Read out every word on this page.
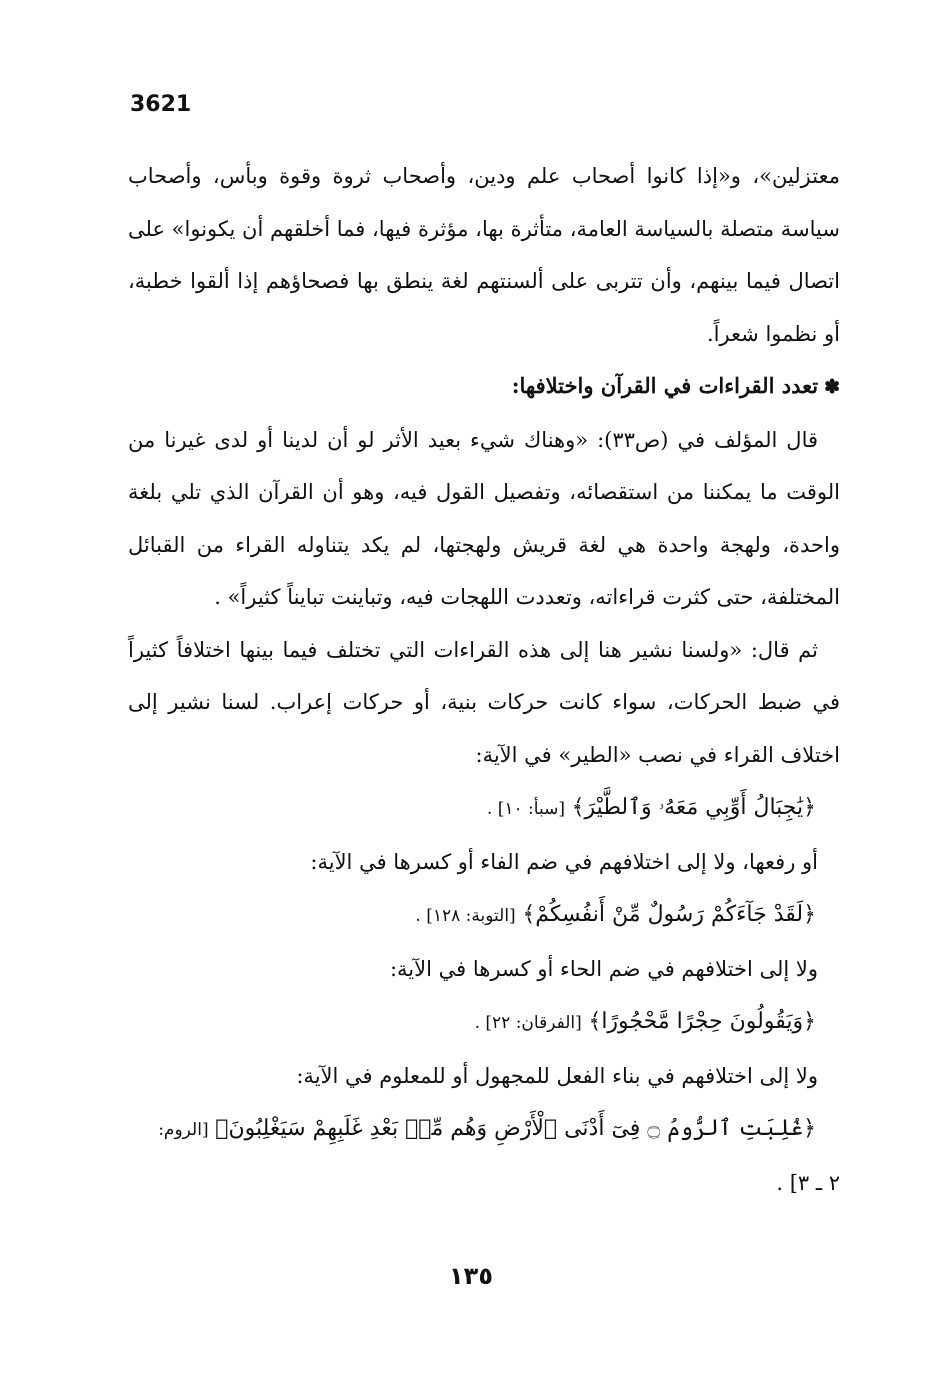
3621

معتزلين»، و«إذا كانوا أصحاب علم ودين، وأصحاب ثروة وقوة وبأس، وأصحاب سياسة متصلة بالسياسة العامة، متأثرة بها، مؤثرة فيها، فما أخلقهم أن يكونوا» على اتصال فيما بينهم، وأن تتربى على ألسنتهم لغة ينطق بها فصحاؤهم إذا ألقوا خطبة، أو نظموا شعراً.

✽تعدد القراءات في القرآن واختلافها:

قال المؤلف في (ص٣٣): «وهناك شيء بعيد الأثر لو أن لدينا أو لدى غيرنا من الوقت ما يمكننا من استقصائه، وتفصيل القول فيه، وهو أن القرآن الذي تلي بلغة واحدة، ولهجة واحدة هي لغة قريش ولهجتها، لم يكد يتناوله القراء من القبائل المختلفة، حتى كثرت قراءاته، وتعددت اللهجات فيه، وتباينت تبايناً كثيراً» .

ثم قال: «ولسنا نشير هنا إلى هذه القراءات التي تختلف فيما بينها اختلافاً كثيراً في ضبط الحركات، سواء كانت حركات بنية، أو حركات إعراب. لسنا نشير إلى اختلاف القراء في نصب «الطير» في الآية:

﴿يَٰجِبَالُ أَوِّبِي مَعَهُۥ وَٱلطَّيْرَ﴾ [سبأ: ١٠] .

أو رفعها، ولا إلى اختلافهم في ضم الفاء أو كسرها في الآية:

﴿لَقَدْ جَآءَكُمْ رَسُولٌ مِّنْ أَنفُسِكُمْ﴾ [التوبة: ١٢٨] .

ولا إلى اختلافهم في ضم الحاء أو كسرها في الآية:

﴿وَيَقُولُونَ حِجْرًا مَّحْجُورًا﴾ [الفرقان: ٢٢] .

ولا إلى اختلافهم في بناء الفعل للمجهول أو للمعلوم في الآية:

﴿غُلِبَتِ ٱلرُّومُ ۝ فِىٓ أَدْنَى ٱلْأَرْضِ وَهُم مِّنۢ بَعْدِ غَلَبِهِمْ سَيَغْلِبُونَ﴾ [الروم:

٢ ـ ٣] .

١٣٥
